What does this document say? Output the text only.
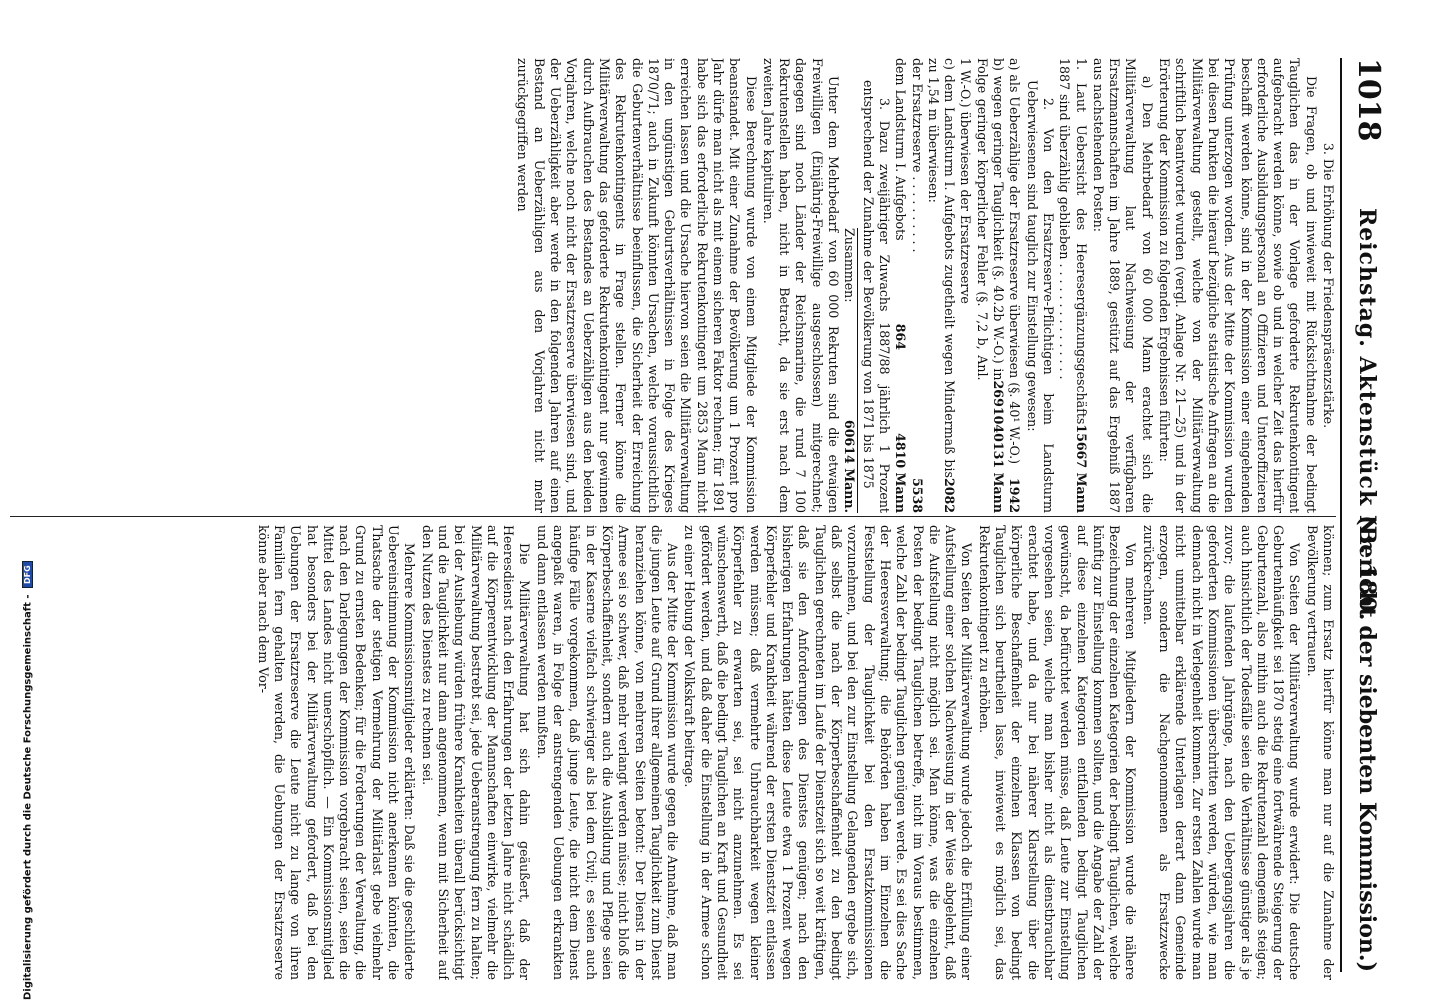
1018
Reichstag. Aktenstück Nr. 180.
(Bericht der siebenten Kommission.)

3. Die Erhöhung der Friedenspräsenzstärke.

Die Fragen, ob und inwieweit mit Rücksichtnahme der bedingt Tauglichen das in der Vorlage geforderte Rekrutenkontingent aufgebracht werden könne, sowie ob und in welcher Zeit das hierfür erforderliche Ausbildungspersonal an Offizieren und Unteroffizieren beschafft werden könne, sind in der Kommission einer eingehenden Prüfung unterzogen worden. Aus der Mitte der Kommission wurden bei diesen Punkten die hierauf bezügliche statistische Anfragen an die Militärverwaltung gestellt, welche von der Militärverwaltung schriftlich beantwortet wurden (vergl. Anlage Nr. 21—25) und in der Erörterung der Kommission zu folgenden Ergebnissen führten:

a) Den Mehrbedarf von 60 000 Mann erachtet sich die Militärverwaltung laut Nachweisung der verfügbaren Ersatzmannschaften im Jahre 1889, gestützt auf das Ergebniß 1887 aus nachstehenden Posten:

1. Laut Uebersicht des Heeresergänzungsgeschäfts 1887 sind überzählig geblieben . . . . . . . . . . . . . . .
15667 Mann

2. Von den Ersatzreserve-Pflichtigen beim Landsturm Ueberwiesenen sind tauglich zur Einstellung gewesen:

a) als Ueberzählige der Ersatzreserve überwiesen (§. 40¹ W.-O.)
1942
b) wegen geringer Tauglichkeit (§. 40.2b W.-O.) in Folge geringer körperlicher Fehler (§. 7,2 b, Anl. 1 W.-O.) überwiesen der Ersatzreserve
26910
40131 Mann
c) dem Landsturm I. Aufgebots zugetheilt wegen Mindermaß bis zu 1,54 m überwiesen:
2082
der Ersatzreserve . . . . . . . . . .
5538
dem Landsturm I. Aufgebots
864
4810 Mann

3. Dazu zweijähriger Zuwachs 1887/88 jährlich 1 Prozent entsprechend der Zunahme der Bevölkerung von 1871 bis 1875

Zusammen:
60614 Mann.

Unter dem Mehrbedarf von 60 000 Rekruten sind die etwaigen Freiwilligen (Einjährig-Freiwillige ausgeschlossen) mitgerechnet; dagegen sind noch Länder der Reichsmarine, die rund 7 100 Rekrutenstellen haben, nicht in Betracht, da sie erst nach dem zweiten Jahre kapituliren.

Diese Berechnung wurde von einem Mitgliede der Kommission beanstandet. Mit einer Zunahme der Bevölkerung um 1 Prozent pro Jahr dürfe man nicht als mit einem sicheren Faktor rechnen; für 1891 habe sich das erforderliche Rekrutenkontingent um 2853 Mann nicht erreichen lassen und die Ursache hiervon seien die Militärverwaltung in den ungünstigen Geburtsverhältnissen in Folge des Krieges 1870/71; auch in Zukunft könnten Ursachen, welche voraussichtlich die Geburtenverhältnisse beeinflussen, die Sicherheit der Erreichung des Rekrutenkontingents in Frage stellen. Ferner könne die Militärverwaltung das geforderte Rekrutenkontingent nur gewinnen durch Aufbrauchen des Bestandes an Ueberzähligen aus den beiden Vorjahren, welche noch nicht der Ersatzreserve überwiesen sind, und der Ueberzähligkeit aber werde in den folgenden Jahren auf einen Bestand an Ueberzähligen aus den Vorjahren nicht mehr zurückgegriffen werden

können; zum Ersatz hierfür könne man nur auf die Zunahme der Bevölkerung vertrauen.

Von Seiten der Militärverwaltung wurde erwidert: Die deutsche Geburtenhäufigkeit sei 1870 stetig eine fortwährende Steigerung der Geburtenzahl, also mithin auch die Rekrutenzahl demgemäß steigen; auch hinsichtlich der Todesfälle seien die Verhältnisse günstiger als je zuvor; die laufenden Jahrgänge, nach den Uebergangsjahren die geforderten Kommissionen überschritten werden, würden, wie man demnach nicht in Verlegenheit kommen. Zur ersten Zahlen wurde man nicht unmittelbar erklärende Unterlagen derart dann Gemeinde erzogen, sondern die Nachgenommenen als Ersatzzwecke zurückrechnen.

Von mehreren Mitgliedern der Kommission wurde die nähere Bezeichnung der einzelnen Kategorien der bedingt Tauglichen, welche künftig zur Einstellung kommen sollten, und die Angabe der Zahl der auf diese einzelnen Kategorien entfallenden bedingt Tauglichen gewünscht, da befürchtet werden müsse, daß Leute zur Einstellung vorgesehen seien, welche man bisher nicht als dienstbrauchbar erachtet habe, und da nur bei näherer Klarstellung über die körperliche Beschaffenheit der einzelnen Klassen von bedingt Tauglichen sich beurtheilen lasse, inwieweit es möglich sei, das Rekrutenkontingent zu erhöhen.

Von Seiten der Militärverwaltung wurde jedoch die Erfüllung einer Aufstellung einer solchen Nachweisung in der Weise abgelehnt, daß die Aufstellung nicht möglich sei. Man könne, was die einzelnen Posten der bedingt Tauglichen betreffe, nicht im Voraus bestimmen, welche Zahl der bedingt Tauglichen genügen werde. Es sei dies Sache der Heeresverwaltung; die Behörden haben im Einzelnen die Feststellung der Tauglichkeit bei den Ersatzkommissionen vorzunehmen, und bei den zur Einstellung Gelangenden ergebe sich, daß selbst die nach der Körperbeschaffenheit zu den bedingt Tauglichen gerechneten im Laufe der Dienstzeit sich so weit kräftigen, daß sie den Anforderungen des Dienstes genügen; nach den bisherigen Erfahrungen hätten diese Leute etwa 1 Prozent wegen Körperfehler und Krankheit während der ersten Dienstzeit entlassen werden müssen; daß vermehrte Unbrauchbarkeit wegen kleiner Körperfehler zu erwarten sei, sei nicht anzunehmen. Es sei wünschenswerth, daß die bedingt Tauglichen an Kraft und Gesundheit gefördert werden, und daß daher die Einstellung in der Armee schon zu einer Hebung der Volkskraft beitrage.

Aus der Mitte der Kommission wurde gegen die Annahme, daß man die jungen Leute auf Grund ihrer allgemeinen Tauglichkeit zum Dienst heranziehen könne, von mehreren Seiten betont: Der Dienst in der Armee sei so schwer, daß mehr verlangt werden müsse; nicht bloß die Körperbeschaffenheit, sondern auch die Ausbildung und Pflege seien in der Kaserne vielfach schwieriger als bei dem Civil; es seien auch häufige Fälle vorgekommen, daß junge Leute, die nicht dem Dienst angepaßt waren, in Folge der anstrengenden Uebungen erkrankten und dann entlassen werden mußten.

Die Militärverwaltung hat sich dahin geäußert, daß der Heeresdienst nach den Erfahrungen der letzten Jahre nicht schädlich auf die Körperentwicklung der Mannschaften einwirke, vielmehr die Militärverwaltung bestrebt sei, jede Ueberanstrengung fern zu halten; bei der Aushebung würden frühere Krankheiten überall berücksichtigt und die Tauglichkeit nur dann angenommen, wenn mit Sicherheit auf den Nutzen des Dienstes zu rechnen sei.

Mehrere Kommissionsmitglieder erklärten: Daß sie die geschilderte Uebereinstimmung der Kommission nicht anerkennen könnten, die Thatsache der stetigen Vermehrung der Militärlast gebe vielmehr Grund zu ernsten Bedenken; für die Forderungen der Verwaltung, die nach den Darlegungen der Kommission vorgebracht seien, seien die Mittel des Landes nicht unerschöpflich. — Ein Kommissionsmitglied hat besonders bei der Militärverwaltung gefordert, daß bei den Uebungen der Ersatzreserve die Leute nicht zu lange von ihren Familien fern gehalten werden, die Uebungen der Ersatzreserve könne aber nach dem Vor-

Digitalisierung gefördert durch die Deutsche Forschungsgemeinschaft - DFG
